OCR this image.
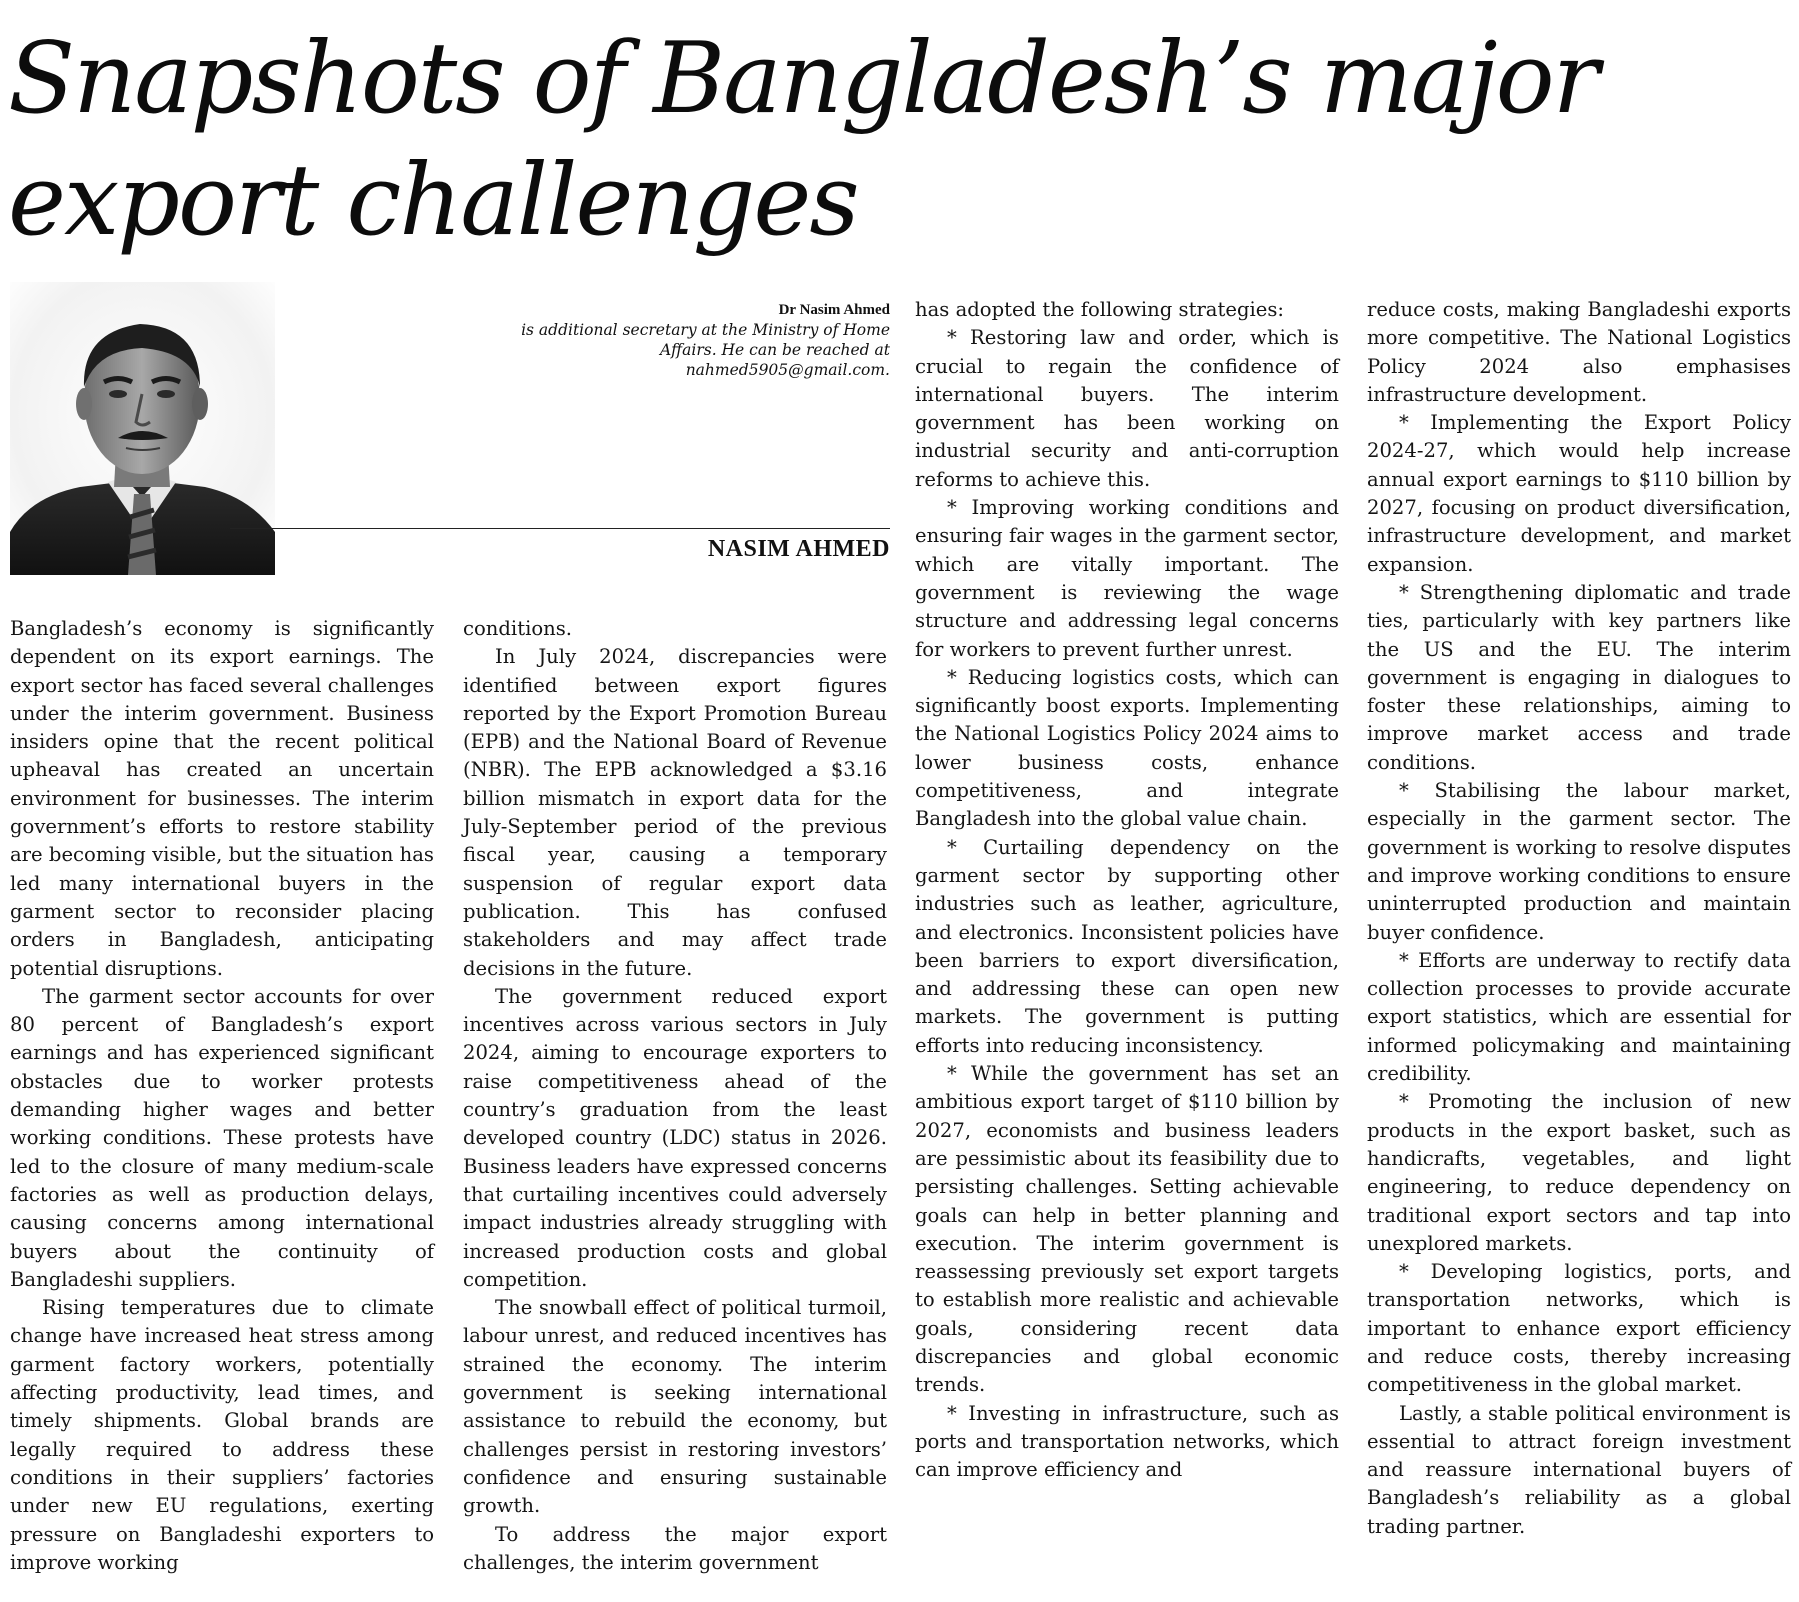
Snapshots of Bangladesh’s major export challenges
Dr Nasim Ahmed
is additional secretary at the Ministry of Home Affairs. He can be reached at nahmed5905@gmail.com.
NASIM AHMED

Bangladesh’s economy is significantly dependent on its export earnings. The export sector has faced several challenges under the interim government. Business insiders opine that the recent political upheaval has created an uncertain environment for businesses. The interim government’s efforts to restore stability are becoming visible, but the situation has led many international buyers in the garment sector to reconsider placing orders in Bangladesh, anticipating potential disruptions.

The garment sector accounts for over 80 percent of Bangladesh’s export earnings and has experienced significant obstacles due to worker protests demanding higher wages and better working conditions. These protests have led to the closure of many medium-scale factories as well as production delays, causing concerns among international buyers about the continuity of Bangladeshi suppliers.

Rising temperatures due to climate change have increased heat stress among garment factory workers, potentially affecting productivity, lead times, and timely shipments. Global brands are legally required to address these conditions in their suppliers’ factories under new EU regulations, exerting pressure on Bangladeshi exporters to improve working

conditions.

In July 2024, discrepancies were identified between export figures reported by the Export Promotion Bureau (EPB) and the National Board of Revenue (NBR). The EPB acknowledged a $3.16 billion mismatch in export data for the July-September period of the previous fiscal year, causing a temporary suspension of regular export data publication. This has confused stakeholders and may affect trade decisions in the future.

The government reduced export incentives across various sectors in July 2024, aiming to encourage exporters to raise competitiveness ahead of the country’s graduation from the least developed country (LDC) status in 2026. Business leaders have expressed concerns that curtailing incentives could adversely impact industries already struggling with increased production costs and global competition.

The snowball effect of political turmoil, labour unrest, and reduced incentives has strained the economy. The interim government is seeking international assistance to rebuild the economy, but challenges persist in restoring investors’ confidence and ensuring sustainable growth.

To address the major export challenges, the interim government

has adopted the following strategies:

* Restoring law and order, which is crucial to regain the confidence of international buyers. The interim government has been working on industrial security and anti-corruption reforms to achieve this.

* Improving working conditions and ensuring fair wages in the garment sector, which are vitally important. The government is reviewing the wage structure and addressing legal concerns for workers to prevent further unrest.

* Reducing logistics costs, which can significantly boost exports. Implementing the National Logistics Policy 2024 aims to lower business costs, enhance competitiveness, and integrate Bangladesh into the global value chain.

* Curtailing dependency on the garment sector by supporting other industries such as leather, agriculture, and electronics. Inconsistent policies have been barriers to export diversification, and addressing these can open new markets. The government is putting efforts into reducing inconsistency.

* While the government has set an ambitious export target of $110 billion by 2027, economists and business leaders are pessimistic about its feasibility due to persisting challenges. Setting achievable goals can help in better planning and execution. The interim government is reassessing previously set export targets to establish more realistic and achievable goals, considering recent data discrepancies and global economic trends.

* Investing in infrastructure, such as ports and transportation networks, which can improve efficiency and

reduce costs, making Bangladeshi exports more competitive. The National Logistics Policy 2024 also emphasises infrastructure development.

* Implementing the Export Policy 2024-27, which would help increase annual export earnings to $110 billion by 2027, focusing on product diversification, infrastructure development, and market expansion.

* Strengthening diplomatic and trade ties, particularly with key partners like the US and the EU. The interim government is engaging in dialogues to foster these relationships, aiming to improve market access and trade conditions.

* Stabilising the labour market, especially in the garment sector. The government is working to resolve disputes and improve working conditions to ensure uninterrupted production and maintain buyer confidence.

* Efforts are underway to rectify data collection processes to provide accurate export statistics, which are essential for informed policymaking and maintaining credibility.

* Promoting the inclusion of new products in the export basket, such as handicrafts, vegetables, and light engineering, to reduce dependency on traditional export sectors and tap into unexplored markets.

* Developing logistics, ports, and transportation networks, which is important to enhance export efficiency and reduce costs, thereby increasing competitiveness in the global market.

Lastly, a stable political environment is essential to attract foreign investment and reassure international buyers of Bangladesh’s reliability as a global trading partner.
